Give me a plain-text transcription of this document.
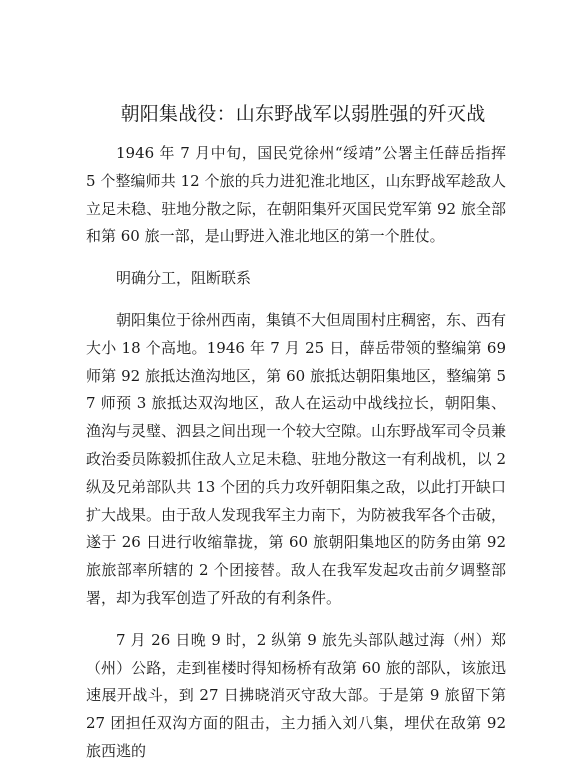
朝阳集战役：山东野战军以弱胜强的歼灭战

1946 年 7 月中旬，国民党徐州“绥靖”公署主任薛岳指挥 5 个整编师共 12 个旅的兵力进犯淮北地区，山东野战军趁敌人立足未稳、驻地分散之际，在朝阳集歼灭国民党军第 92 旅全部和第 60 旅一部，是山野进入淮北地区的第一个胜仗。

明确分工，阻断联系

朝阳集位于徐州西南，集镇不大但周围村庄稠密，东、西有大小 18 个高地。1946 年 7 月 25 日，薛岳带领的整编第 69 师第 92 旅抵达渔沟地区，第 60 旅抵达朝阳集地区，整编第 57 师预 3 旅抵达双沟地区，敌人在运动中战线拉长，朝阳集、渔沟与灵璧、泗县之间出现一个较大空隙。山东野战军司令员兼政治委员陈毅抓住敌人立足未稳、驻地分散这一有利战机，以 2 纵及兄弟部队共 13 个团的兵力攻歼朝阳集之敌，以此打开缺口扩大战果。由于敌人发现我军主力南下，为防被我军各个击破，遂于 26 日进行收缩靠拢，第 60 旅朝阳集地区的防务由第 92 旅旅部率所辖的 2 个团接替。敌人在我军发起攻击前夕调整部署，却为我军创造了歼敌的有利条件。

7 月 26 日晚 9 时，2 纵第 9 旅先头部队越过海（州）郑（州）公路，走到崔楼时得知杨桥有敌第 60 旅的部队，该旅迅速展开战斗，到 27 日拂晓消灭守敌大部。于是第 9 旅留下第 27 团担任双沟方面的阻击，主力插入刘八集，埋伏在敌第 92 旅西逃的
